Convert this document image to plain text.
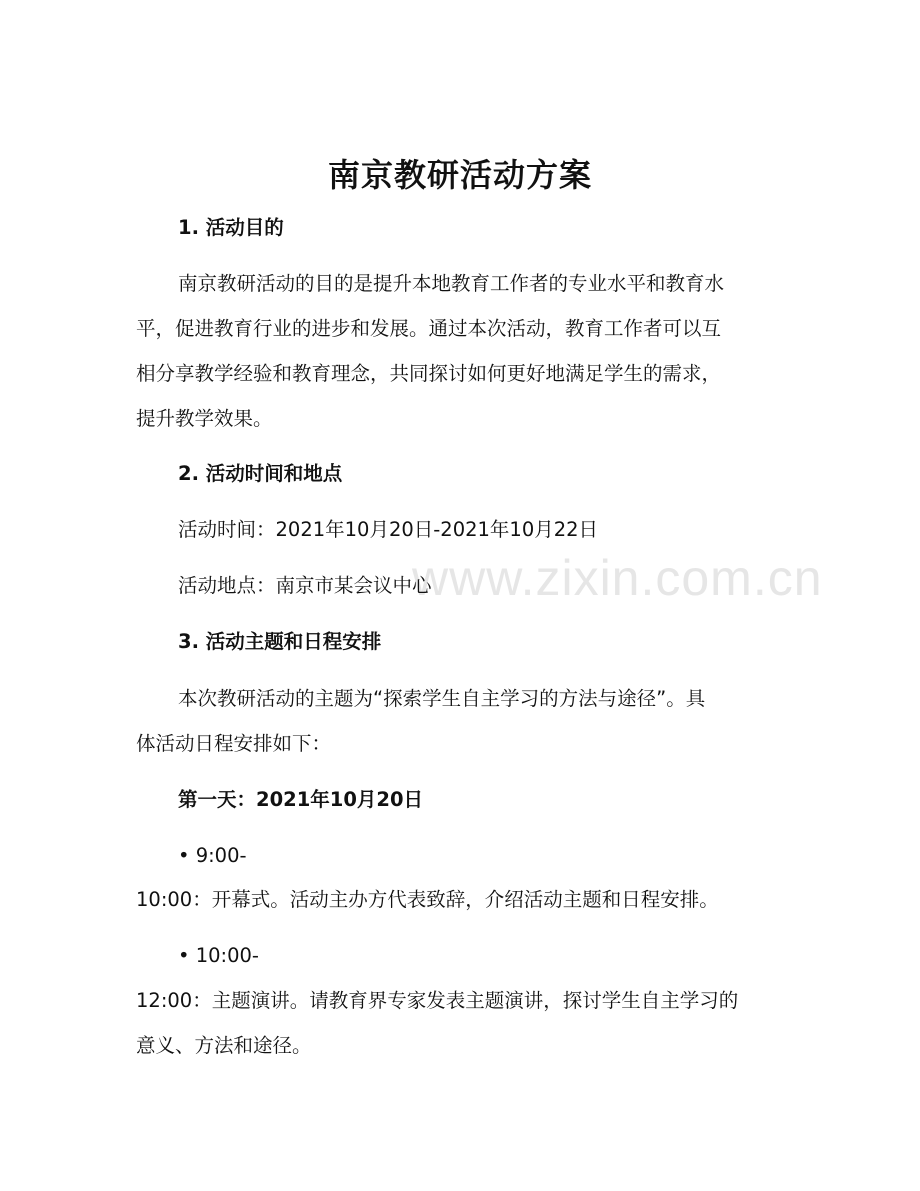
www.zixin.com.cn
南京教研活动方案
1. 活动目的
南京教研活动的目的是提升本地教育工作者的专业水平和教育水
平，促进教育行业的进步和发展。通过本次活动，教育工作者可以互
相分享教学经验和教育理念，共同探讨如何更好地满足学生的需求，
提升教学效果。
2. 活动时间和地点
活动时间：2021年10月20日-2021年10月22日
活动地点：南京市某会议中心
3. 活动主题和日程安排
本次教研活动的主题为“探索学生自主学习的方法与途径”。具
体活动日程安排如下：
第一天：2021年10月20日
• 9:00-
10:00：开幕式。活动主办方代表致辞，介绍活动主题和日程安排。
• 10:00-
12:00：主题演讲。请教育界专家发表主题演讲，探讨学生自主学习的
意义、方法和途径。
